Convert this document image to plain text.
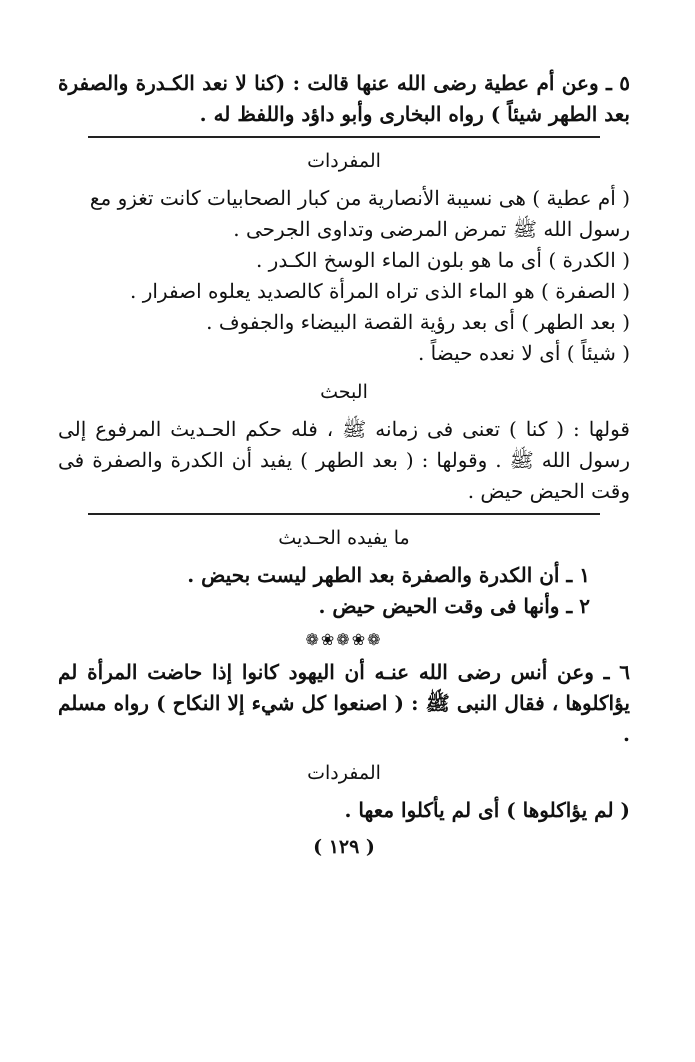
٥ ـ وعن أم عطية رضى الله عنها قالت : (كنا لا نعد الكـدرة والصفرة بعد الطهر شيئاً ) رواه البخارى وأبو داؤد واللفظ له .

المفردات

( أم عطية ) هى نسيبة الأنصارية من كبار الصحابيات كانت تغزو مع رسول الله ﷺ تمرض المرضى وتداوى الجرحى .

( الكدرة ) أى ما هو بلون الماء الوسخ الكـدر .

( الصفرة ) هو الماء الذى تراه المرأة كالصديد يعلوه اصفرار .

( بعد الطهر ) أى بعد رؤية القصة البيضاء والجفوف .

( شيئاً ) أى لا نعده حيضاً .

البحث

قولها : ( كنا ) تعنى فى زمانه ﷺ ، فله حكم الحـديث المرفوع إلى رسول الله ﷺ . وقولها : ( بعد الطهر ) يفيد أن الكدرة والصفرة فى وقت الحيض حيض .

ما يفيده الحـديث

١ ـ أن الكدرة والصفرة بعد الطهر ليست بحيض .

٢ ـ وأنها فى وقت الحيض حيض .

❁❀❁❀❁

٦ ـ وعن أنس رضى الله عنـه أن اليهود كانوا إذا حاضت المرأة لم يؤاكلوها ، فقال النبى ﷺ : ( اصنعوا كل شيء إلا النكاح ) رواه مسلم .

المفردات

( لم يؤاكلوها ) أى لم يأكلوا معها .

( ١٢٩ )
